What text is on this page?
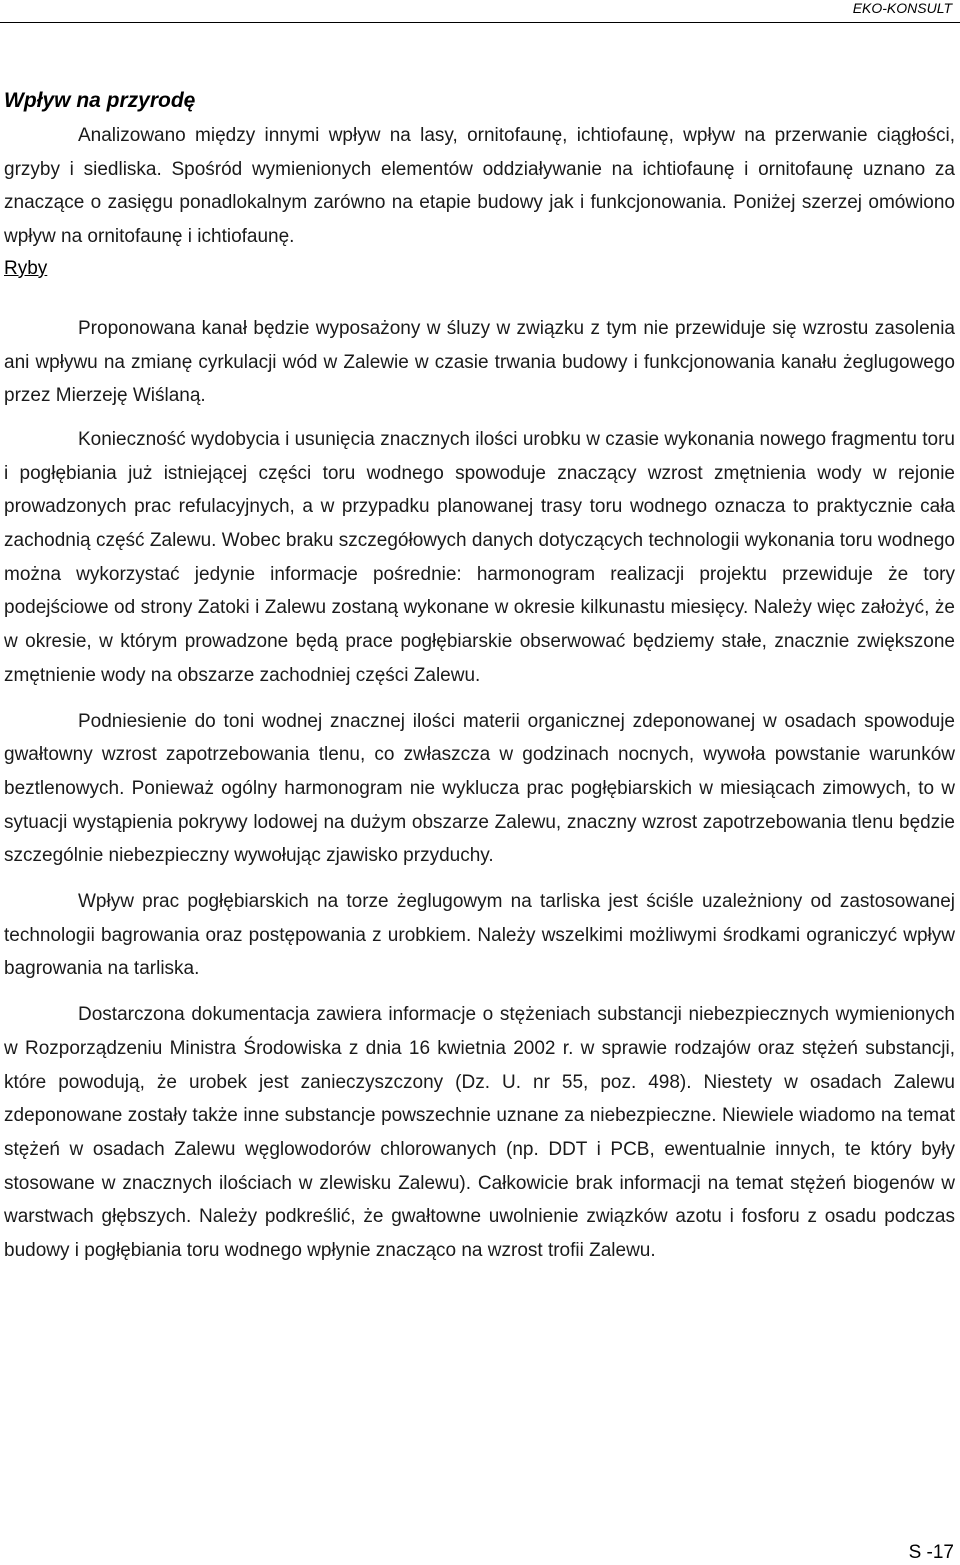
EKO-KONSULT
Wpływ na przyrodę

Analizowano między innymi wpływ na lasy, ornitofaunę, ichtiofaunę, wpływ na przerwanie ciągłości, grzyby i siedliska. Spośród wymienionych elementów oddziaływanie na ichtiofaunę i ornitofaunę uznano za znaczące o zasięgu ponadlokalnym zarówno na etapie budowy jak i funkcjonowania. Poniżej szerzej omówiono wpływ na ornitofaunę i ichtiofaunę.

Ryby

Proponowana kanał będzie wyposażony w śluzy w związku z tym nie przewiduje się wzrostu zasolenia ani wpływu na zmianę cyrkulacji wód w Zalewie w czasie trwania budowy i funkcjonowania kanału żeglugowego przez Mierzeję Wiślaną.

Konieczność wydobycia i usunięcia znacznych ilości urobku w czasie wykonania nowego fragmentu toru i pogłębiania już istniejącej części toru wodnego spowoduje znaczący wzrost zmętnienia wody w rejonie prowadzonych prac refulacyjnych, a w przypadku planowanej trasy toru wodnego oznacza to praktycznie cała zachodnią część Zalewu. Wobec braku szczegółowych danych dotyczących technologii wykonania toru wodnego można wykorzystać jedynie informacje pośrednie: harmonogram realizacji projektu przewiduje że tory podejściowe od strony Zatoki i Zalewu zostaną wykonane w okresie kilkunastu miesięcy. Należy więc założyć, że w okresie, w którym prowadzone będą prace pogłębiarskie obserwować będziemy stałe, znacznie zwiększone zmętnienie wody na obszarze zachodniej części Zalewu.

Podniesienie do toni wodnej znacznej ilości materii organicznej zdeponowanej w osadach spowoduje gwałtowny wzrost zapotrzebowania tlenu, co zwłaszcza w godzinach nocnych, wywoła powstanie warunków beztlenowych. Ponieważ ogólny harmonogram nie wyklucza prac pogłębiarskich w miesiącach zimowych, to w sytuacji wystąpienia pokrywy lodowej na dużym obszarze Zalewu, znaczny wzrost zapotrzebowania tlenu będzie szczególnie niebezpieczny wywołując zjawisko przyduchy.

Wpływ prac pogłębiarskich na torze żeglugowym na tarliska jest ściśle uzależniony od zastosowanej technologii bagrowania oraz postępowania z urobkiem. Należy wszelkimi możliwymi środkami ograniczyć wpływ bagrowania na tarliska.

Dostarczona dokumentacja zawiera informacje o stężeniach substancji niebezpiecznych wymienionych w Rozporządzeniu Ministra Środowiska z dnia 16 kwietnia 2002 r. w sprawie rodzajów oraz stężeń substancji, które powodują, że urobek jest zanieczyszczony (Dz. U. nr 55, poz. 498). Niestety w osadach Zalewu zdeponowane zostały także inne substancje powszechnie uznane za niebezpieczne. Niewiele wiadomo na temat stężeń w osadach Zalewu węglowodorów chlorowanych (np. DDT i PCB, ewentualnie innych, te który były stosowane w znacznych ilościach w zlewisku Zalewu). Całkowicie brak informacji na temat stężeń biogenów w warstwach głębszych. Należy podkreślić, że gwałtowne uwolnienie związków azotu i fosforu z osadu podczas budowy i pogłębiania toru wodnego wpłynie znacząco na wzrost trofii Zalewu.

S -17
